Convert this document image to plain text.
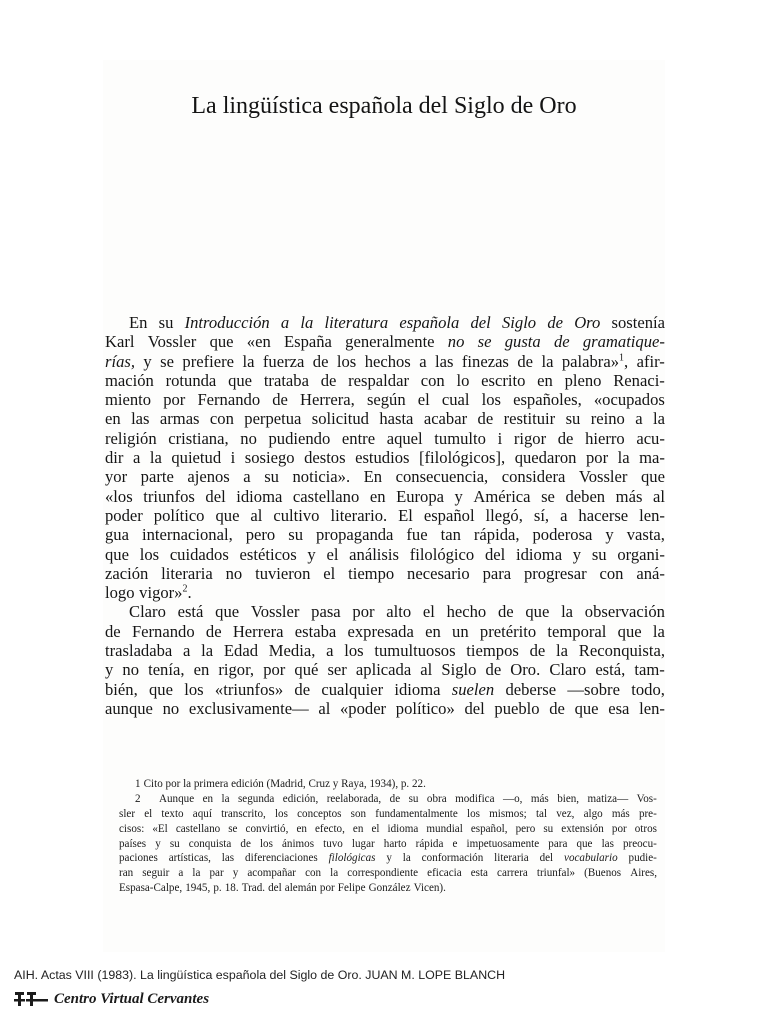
La lingüística española del Siglo de Oro
En su Introducción a la literatura española del Siglo de Oro sostenía
Karl Vossler que «en España generalmente no se gusta de gramatique-
rías, y se prefiere la fuerza de los hechos a las finezas de la palabra»$^1$, afir-
mación rotunda que trataba de respaldar con lo escrito en pleno Renaci-
miento por Fernando de Herrera, según el cual los españoles, «ocupados
en las armas con perpetua solicitud hasta acabar de restituir su reino a la
religión cristiana, no pudiendo entre aquel tumulto i rigor de hierro acu-
dir a la quietud i sosiego destos estudios [filológicos], quedaron por la ma-
yor parte ajenos a su noticia». En consecuencia, considera Vossler que
«los triunfos del idioma castellano en Europa y América se deben más al
poder político que al cultivo literario. El español llegó, sí, a hacerse len-
gua internacional, pero su propaganda fue tan rápida, poderosa y vasta,
que los cuidados estéticos y el análisis filológico del idioma y su organi-
zación literaria no tuvieron el tiempo necesario para progresar con aná-
logo vigor»$^2$.
Claro está que Vossler pasa por alto el hecho de que la observación
de Fernando de Herrera estaba expresada en un pretérito temporal que la
trasladaba a la Edad Media, a los tumultuosos tiempos de la Reconquista,
y no tenía, en rigor, por qué ser aplicada al Siglo de Oro. Claro está, tam-
bién, que los «triunfos» de cualquier idioma suelen deberse —sobre todo,
aunque no exclusivamente— al «poder político» del pueblo de que esa len-
1 Cito por la primera edición (Madrid, Cruz y Raya, 1934), p. 22.
2 Aunque en la segunda edición, reelaborada, de su obra modifica —o, más bien, matiza— Vos-
sler el texto aquí transcrito, los conceptos son fundamentalmente los mismos; tal vez, algo más pre-
cisos: «El castellano se convirtió, en efecto, en el idioma mundial español, pero su extensión por otros
países y su conquista de los ánimos tuvo lugar harto rápida e impetuosamente para que las preocu-
paciones artísticas, las diferenciaciones filológicas y la conformación literaria del vocabulario pudie-
ran seguir a la par y acompañar con la correspondiente eficacia esta carrera triunfal» (Buenos Aires,
Espasa-Calpe, 1945, p. 18. Trad. del alemán por Felipe González Vicen).
AIH. Actas VIII (1983). La lingüística española del Siglo de Oro. JUAN M. LOPE BLANCH
Centro Virtual Cervantes
